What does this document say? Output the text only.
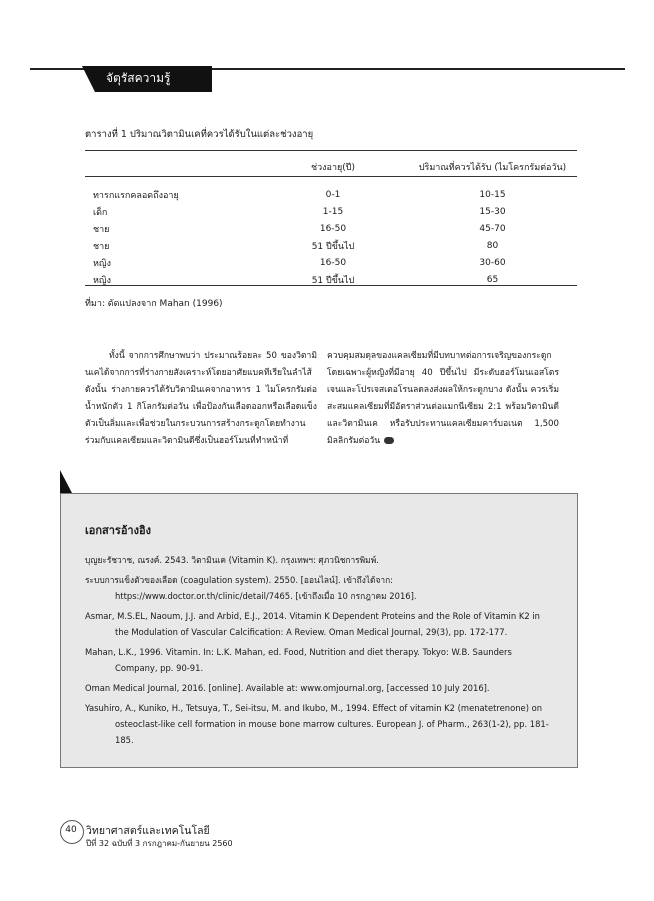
จัตุรัสความรู้
ตารางที่ 1 ปริมาณวิตามินเคที่ควรได้รับในแต่ละช่วงอายุ
	ช่วงอายุ(ปี)	ปริมาณที่ควรได้รับ (ไมโครกรัมต่อวัน)
ทารกแรกคลอดถึงอายุ	0-1	10-15
เด็ก	1-15	15-30
ชาย	16-50	45-70
ชาย	51 ปีขึ้นไป	80
หญิง	16-50	30-60
หญิง	51 ปีขึ้นไป	65
ที่มา: ดัดแปลงจาก Mahan (1996)
ทั้งนี้ จากการศึกษาพบว่า ประมาณร้อยละ 50 ของวิตามินเคได้จากการที่ร่างกายสังเคราะห์โดยอาศัยแบคทีเรียในลำไส้ ดังนั้น ร่างกายควรได้รับวิตามินเคจากอาหาร 1 ไมโครกรัมต่อน้ำหนักตัว 1 กิโลกรัมต่อวัน เพื่อป้องกันเลือดออกหรือเลือดแข็งตัวเป็นลิ่มและเพื่อช่วยในกระบวนการสร้างกระดูกโดยทำงานร่วมกับแคลเซียมและวิตามินดีซึ่งเป็นฮอร์โมนที่ทำหน้าที่
ควบคุมสมดุลของแคลเซียมที่มีบทบาทต่อการเจริญของกระดูก โดยเฉพาะผู้หญิงที่มีอายุ 40 ปีขึ้นไป มีระดับฮอร์โมนเอสโตรเจนและโปรเจสเตอโรนลดลงส่งผลให้กระดูกบาง ดังนั้น ควรเริ่มสะสมแคลเซียมที่มีอัตราส่วนต่อแมกนีเซียม 2:1 พร้อมวิตามินดีและวิตามินเค หรือรับประทานแคลเซียมคาร์บอเนต 1,500 มิลลิกรัมต่อวัน
เอกสารอ้างอิง

บุญยะรัชวาช, ณรงค์. 2543. วิตามินเค (Vitamin K). กรุงเทพฯ: ศุภวนิชการพิมพ์.

ระบบการแข็งตัวของเลือด (coagulation system). 2550. [ออนไลน์]. เข้าถึงได้จาก: https://www.doctor.or.th/clinic/detail/7465. [เข้าถึงเมื่อ 10 กรกฎาคม 2016].

Asmar, M.S.EL, Naoum, J.J. and Arbid, E.J., 2014. Vitamin K Dependent Proteins and the Role of Vitamin K2 in the Modulation of Vascular Calcification: A Review. Oman Medical Journal, 29(3), pp. 172-177.

Mahan, L.K., 1996. Vitamin. In: L.K. Mahan, ed. Food, Nutrition and diet therapy. Tokyo: W.B. Saunders Company, pp. 90-91.

Oman Medical Journal, 2016. [online]. Available at: www.omjournal.org, [accessed 10 July 2016].

Yasuhiro, A., Kuniko, H., Tetsuya, T., Sei-itsu, M. and Ikubo, M., 1994. Effect of vitamin K2 (menatetrenone) on osteoclast-like cell formation in mouse bone marrow cultures. European J. of Pharm., 263(1-2), pp. 181-185.

40 วิทยาศาสตร์และเทคโนโลยี
ปีที่ 32 ฉบับที่ 3 กรกฎาคม-กันยายน 2560
